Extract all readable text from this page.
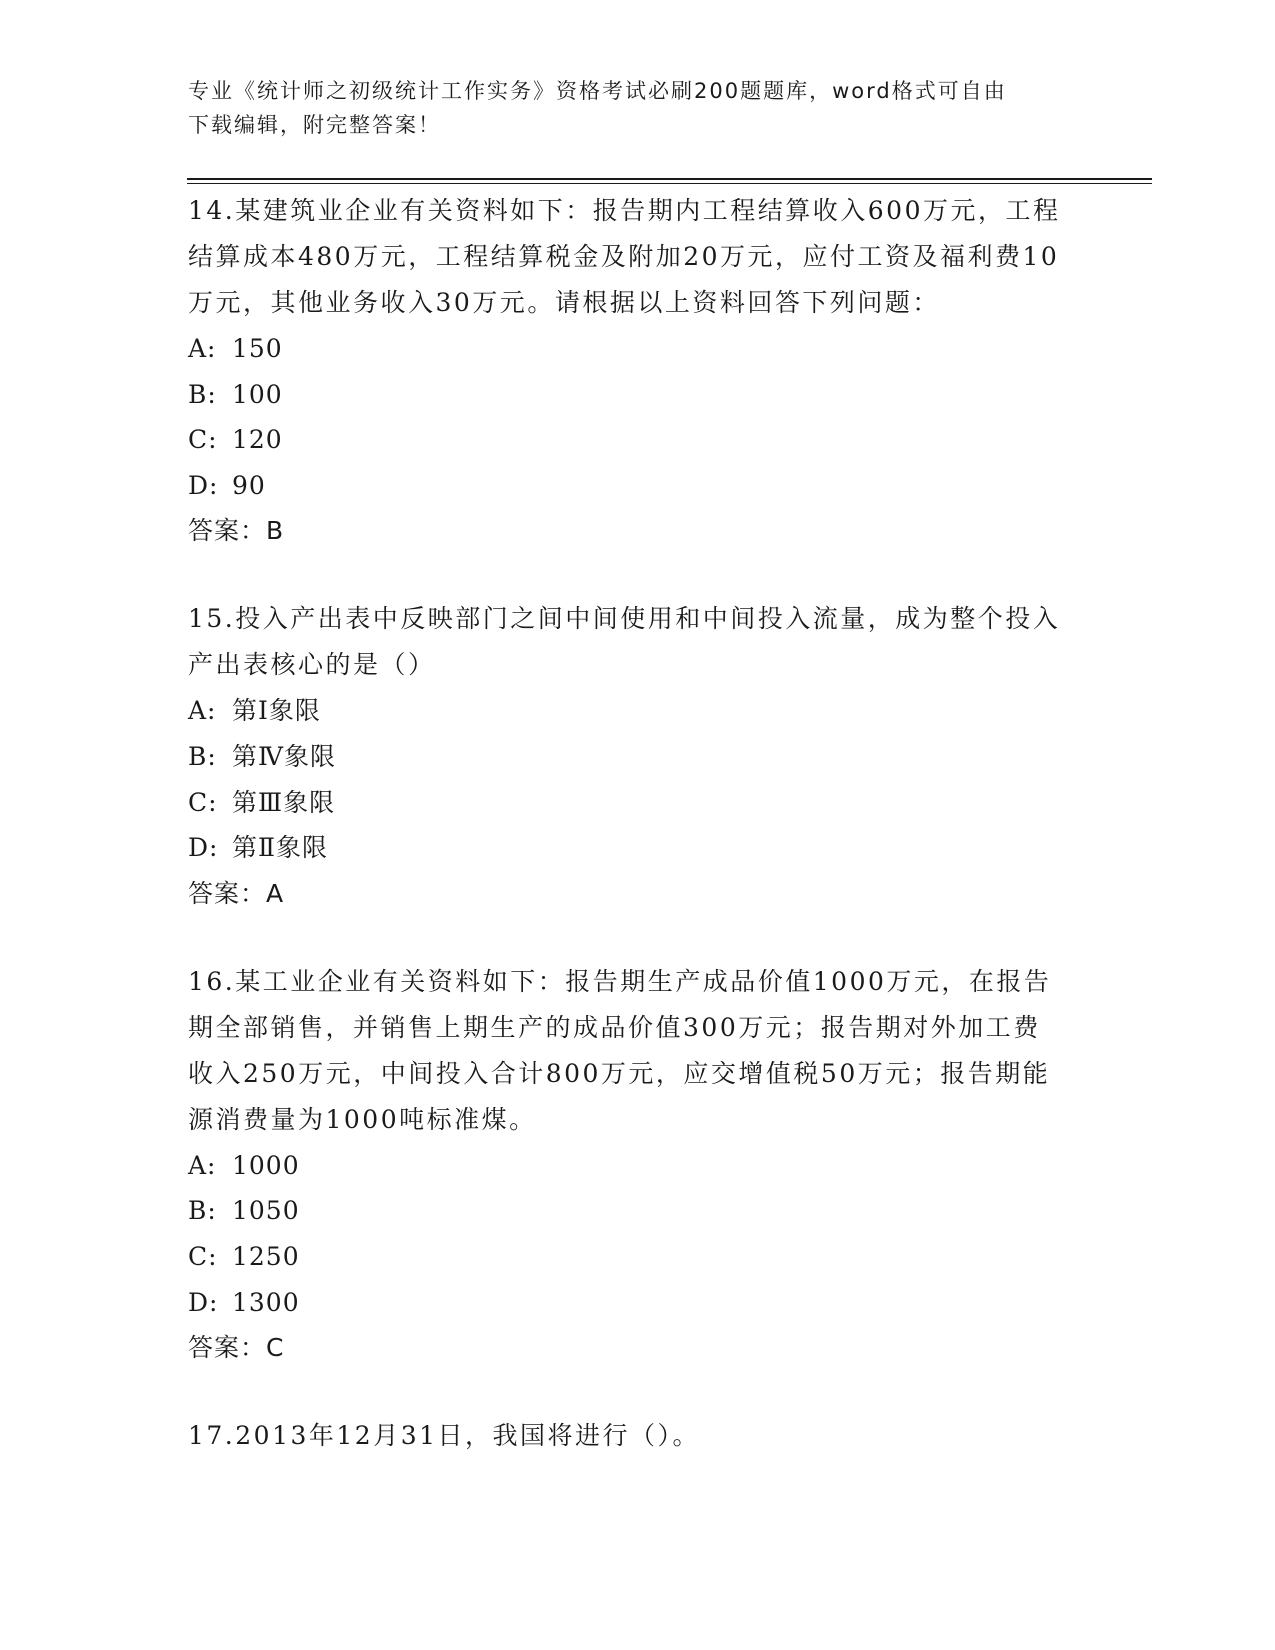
专业《统计师之初级统计工作实务》资格考试必刷200题题库，word格式可自由
下载编辑，附完整答案！

14.某建筑业企业有关资料如下：报告期内工程结算收入600万元，工程结算成本480万元，工程结算税金及附加20万元，应付工资及福利费10万元，其他业务收入30万元。请根据以上资料回答下列问题：

A: 150
B: 100
C: 120
D: 90
答案：B

15.投入产出表中反映部门之间中间使用和中间投入流量，成为整个投入产出表核心的是（）

A: 第Ⅰ象限
B: 第Ⅳ象限
C: 第Ⅲ象限
D: 第Ⅱ象限
答案：A

16.某工业企业有关资料如下：报告期生产成品价值1000万元，在报告期全部销售，并销售上期生产的成品价值300万元；报告期对外加工费收入250万元，中间投入合计800万元，应交增值税50万元；报告期能源消费量为1000吨标准煤。

A: 1000
B: 1050
C: 1250
D: 1300
答案：C

17.2013年12月31日，我国将进行（）。
